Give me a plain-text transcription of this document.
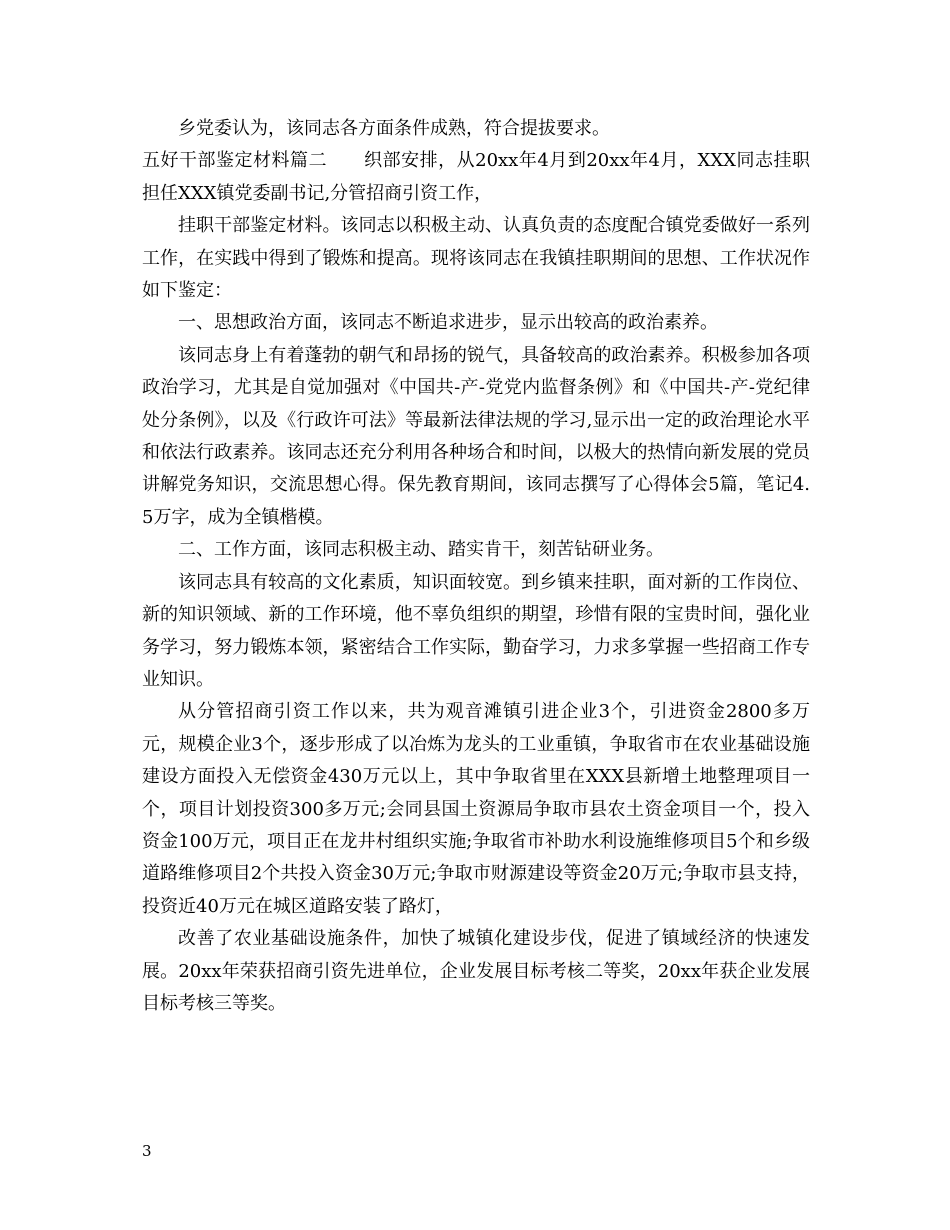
乡党委认为，该同志各方面条件成熟，符合提拔要求。

五好干部鉴定材料篇二　　织部安排，从20xx年4月到20xx年4月，XXX同志挂职担任XXX镇党委副书记,分管招商引资工作，

挂职干部鉴定材料。该同志以积极主动、认真负责的态度配合镇党委做好一系列工作，在实践中得到了锻炼和提高。现将该同志在我镇挂职期间的思想、工作状况作如下鉴定：

一、思想政治方面，该同志不断追求进步，显示出较高的政治素养。

该同志身上有着蓬勃的朝气和昂扬的锐气，具备较高的政治素养。积极参加各项政治学习，尤其是自觉加强对《中国共-产-党党内监督条例》和《中国共-产-党纪律处分条例》，以及《行政许可法》等最新法律法规的学习,显示出一定的政治理论水平和依法行政素养。该同志还充分利用各种场合和时间，以极大的热情向新发展的党员讲解党务知识，交流思想心得。保先教育期间，该同志撰写了心得体会5篇，笔记4.5万字，成为全镇楷模。

二、工作方面，该同志积极主动、踏实肯干，刻苦钻研业务。

该同志具有较高的文化素质，知识面较宽。到乡镇来挂职，面对新的工作岗位、新的知识领域、新的工作环境，他不辜负组织的期望，珍惜有限的宝贵时间，强化业务学习，努力锻炼本领，紧密结合工作实际，勤奋学习，力求多掌握一些招商工作专业知识。

从分管招商引资工作以来，共为观音滩镇引进企业3个，引进资金2800多万元，规模企业3个，逐步形成了以冶炼为龙头的工业重镇，争取省市在农业基础设施建设方面投入无偿资金430万元以上，其中争取省里在XXX县新增土地整理项目一个，项目计划投资300多万元;会同县国土资源局争取市县农土资金项目一个，投入资金100万元，项目正在龙井村组织实施;争取省市补助水利设施维修项目5个和乡级道路维修项目2个共投入资金30万元;争取市财源建设等资金20万元;争取市县支持，投资近40万元在城区道路安装了路灯，

改善了农业基础设施条件，加快了城镇化建设步伐，促进了镇域经济的快速发展。20xx年荣获招商引资先进单位，企业发展目标考核二等奖，20xx年获企业发展目标考核三等奖。

3
